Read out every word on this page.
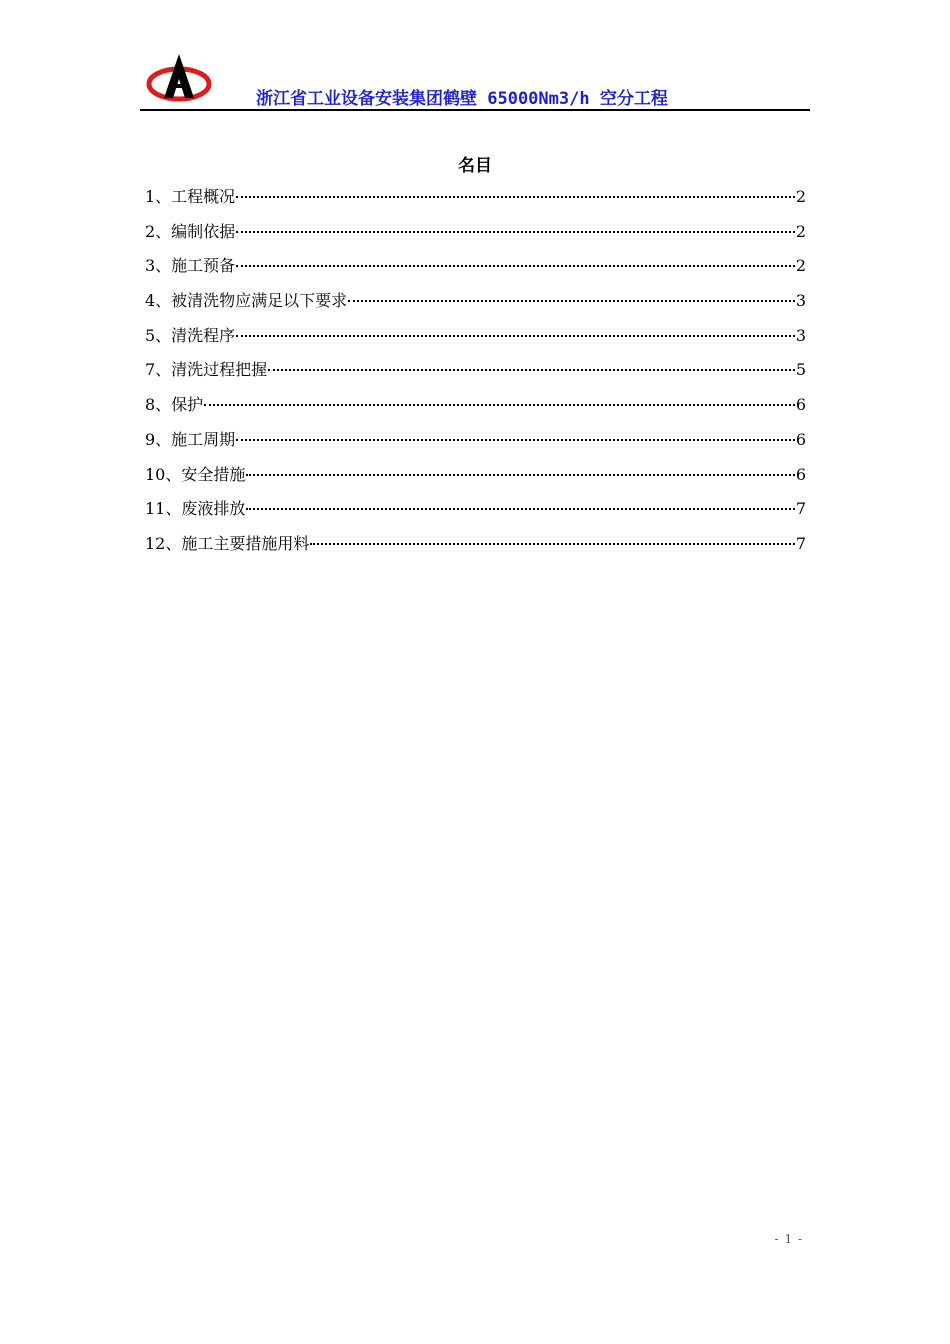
浙江省工业设备安装集团鹤壁 65000Nm3/h 空分工程
名目
1、工程概况	2
2、编制依据	2
3、施工预备	2
4、被清洗物应满足以下要求	3
5、清洗程序	3
7、清洗过程把握	5
8、保护	6
9、施工周期	6
10、安全措施	6
11、废液排放	7
12、施工主要措施用料	7
- 1 -
